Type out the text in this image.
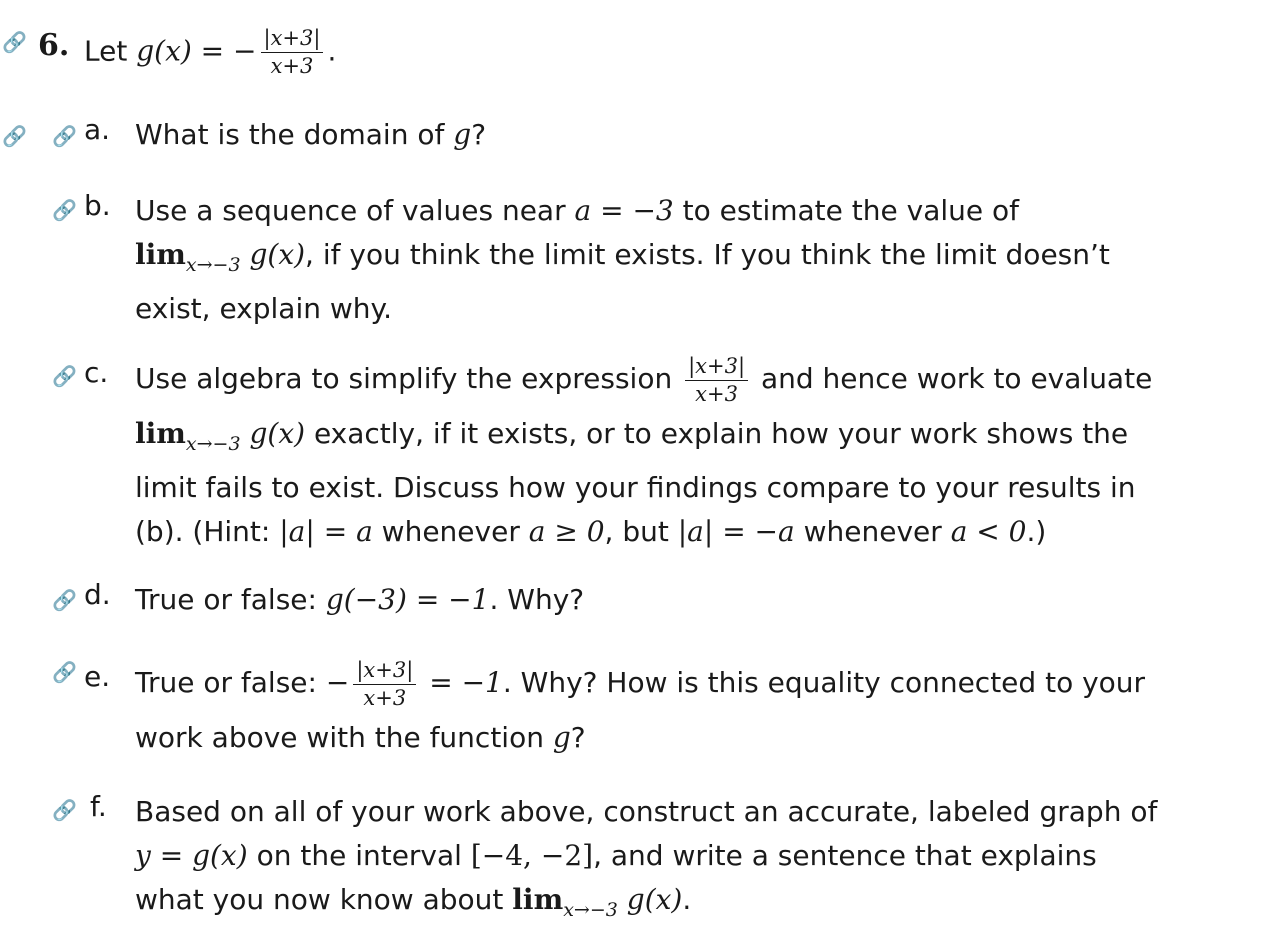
🔗
🔗 🔗
🔗
🔗
🔗
🔗
🔗
6. Let g(x) = − $\frac{|x+3|}{x+3}$ .
a. What is the domain of g?
b. Use a sequence of values near a = −3 to estimate the value of
$\lim_{x\to-3} g(x)$, if you think the limit exists. If you think the limit doesn’t
exist, explain why.
c. Use algebra to simplify the expression $\frac{|x+3|}{x+3}$ and hence work to evaluate
$\lim_{x\to-3} g(x)$ exactly, if it exists, or to explain how your work shows the
limit fails to exist. Discuss how your findings compare to your results in
(b). (Hint: |a| = a whenever a ≥ 0, but |a| = −a whenever a < 0.)
d. True or false: g(−3) = −1. Why?
e. True or false: − $\frac{|x+3|}{x+3} = -1$. Why? How is this equality connected to your
work above with the function g?
f. Based on all of your work above, construct an accurate, labeled graph of
y = g(x) on the interval [−4, −2], and write a sentence that explains
what you now know about $\lim_{x\to-3} g(x)$.
